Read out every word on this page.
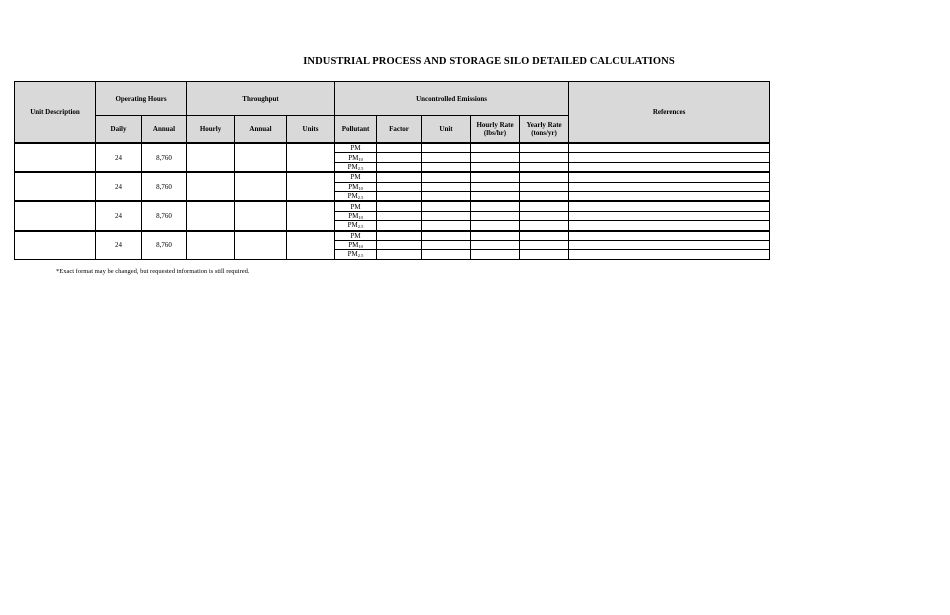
INDUSTRIAL PROCESS AND STORAGE SILO DETAILED CALCULATIONS
Unit Description	Operating Hours		Throughput			Uncontrolled Emissions					References
	Daily	Annual	Hourly	Annual	Units	Pollutant	Factor	Unit	Hourly Rate (lbs/hr)	Yearly Rate (tons/yr)	
	24	8,760				PM					
						$PM_{10}$					
						$PM_{2.5}$					
	24	8,760				PM					
						$PM_{10}$					
						$PM_{2.5}$					
	24	8,760				PM					
						$PM_{10}$					
						$PM_{2.5}$					
	24	8,760				PM					
						$PM_{10}$					
						$PM_{2.5}$					
*Exact format may be changed, but requested information is still required.
